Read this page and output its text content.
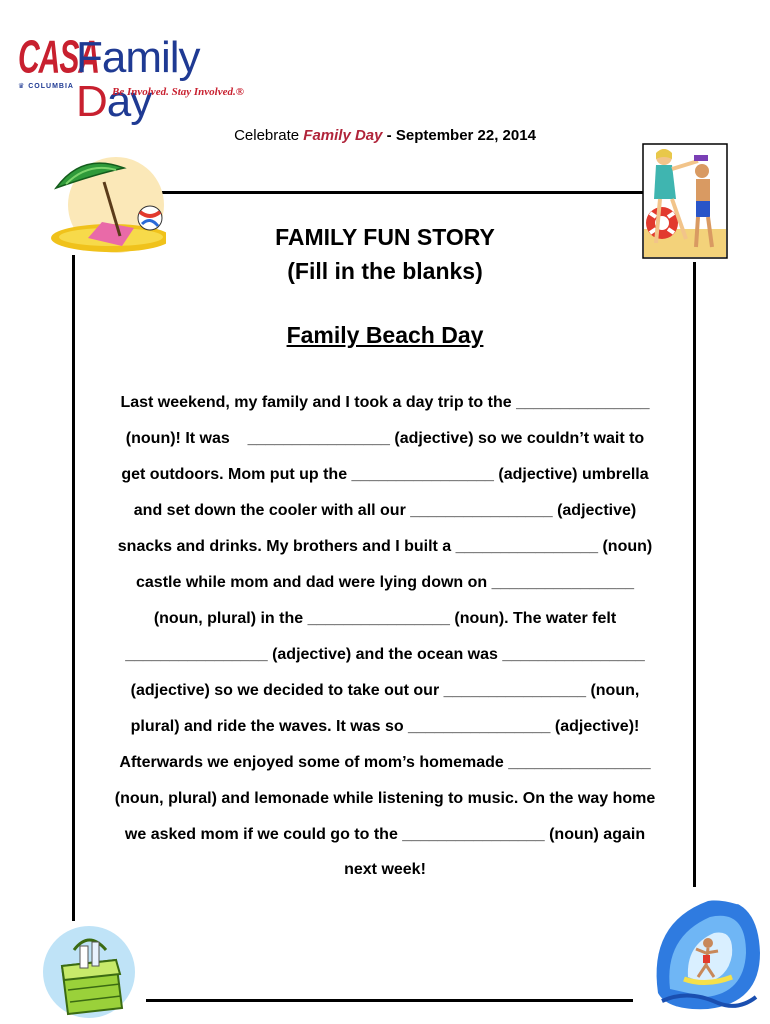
CASA
♛ COLUMBIA
Family Day
Be Involved. Stay Involved.®
Celebrate Family Day - September 22, 2014
FAMILY FUN STORY
(Fill in the blanks)
Family Beach Day
Last weekend, my family and I took a day trip to the _______________
(noun)! It was    ________________ (adjective) so we couldn’t wait to
get outdoors. Mom put up the ________________ (adjective) umbrella
and set down the cooler with all our ________________ (adjective)
snacks and drinks. My brothers and I built a ________________ (noun)
castle while mom and dad were lying down on ________________
(noun, plural) in the ________________ (noun). The water felt
________________ (adjective) and the ocean was ________________
(adjective) so we decided to take out our ________________ (noun,
plural) and ride the waves. It was so ________________ (adjective)!
Afterwards we enjoyed some of mom’s homemade ________________
(noun, plural) and lemonade while listening to music. On the way home
we asked mom if we could go to the ________________ (noun) again
next week!
